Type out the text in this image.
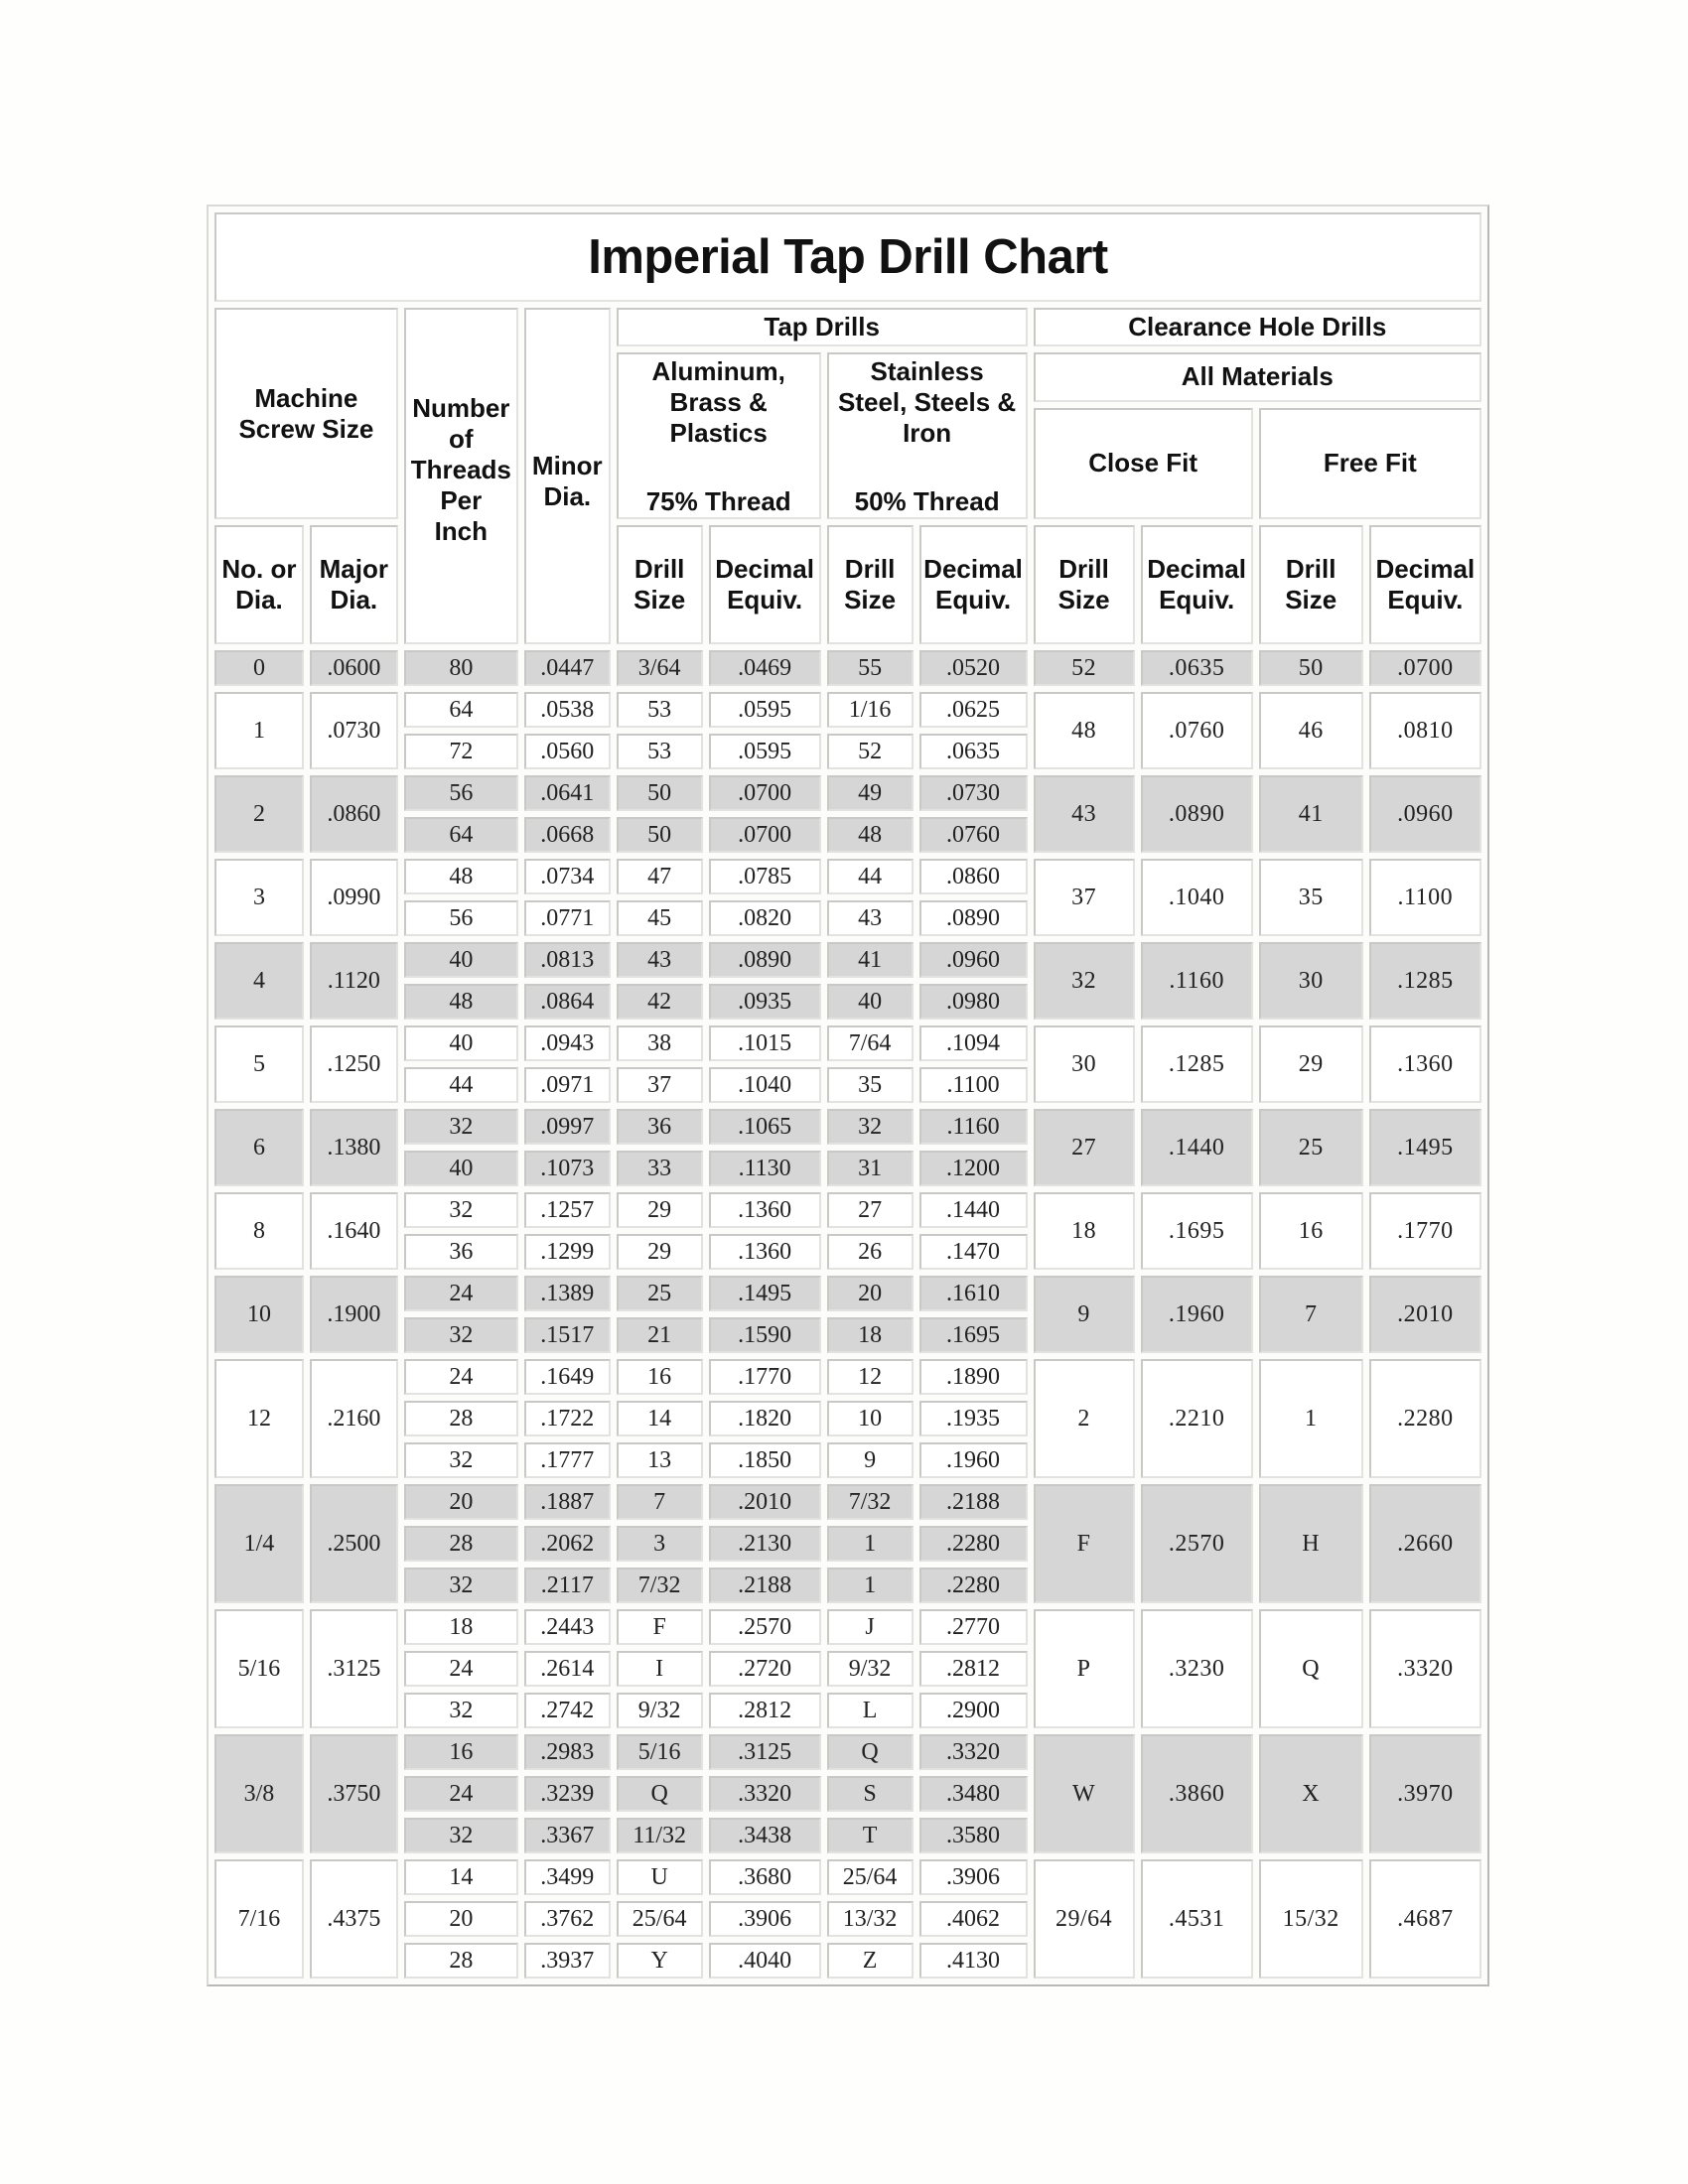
Imperial Tap Drill Chart											
Machine Screw Size		Number
of
Threads
Per
Inch	Minor
Dia.	Tap Drills				Clearance Hole Drills			
				Aluminum,
Brass &
Plastics
75% Thread		Stainless
Steel, Steels &
Iron
50% Thread		All Materials			
								Close Fit		Free Fit	
No. or
Dia.	Major
Dia.			Drill
Size	Decimal
Equiv.	Drill
Size	Decimal
Equiv.	Drill
Size	Decimal
Equiv.	Drill
Size	Decimal
Equiv.
0	.0600	80	.0447	3/64	.0469	55	.0520	52	.0635	50	.0700
1	.0730	64	.0538	53	.0595	1/16	.0625	48	.0760	46	.0810
		72	.0560	53	.0595	52	.0635				
2	.0860	56	.0641	50	.0700	49	.0730	43	.0890	41	.0960
		64	.0668	50	.0700	48	.0760				
3	.0990	48	.0734	47	.0785	44	.0860	37	.1040	35	.1100
		56	.0771	45	.0820	43	.0890				
4	.1120	40	.0813	43	.0890	41	.0960	32	.1160	30	.1285
		48	.0864	42	.0935	40	.0980				
5	.1250	40	.0943	38	.1015	7/64	.1094	30	.1285	29	.1360
		44	.0971	37	.1040	35	.1100				
6	.1380	32	.0997	36	.1065	32	.1160	27	.1440	25	.1495
		40	.1073	33	.1130	31	.1200				
8	.1640	32	.1257	29	.1360	27	.1440	18	.1695	16	.1770
		36	.1299	29	.1360	26	.1470				
10	.1900	24	.1389	25	.1495	20	.1610	9	.1960	7	.2010
		32	.1517	21	.1590	18	.1695				
12	.2160	24	.1649	16	.1770	12	.1890	2	.2210	1	.2280
		28	.1722	14	.1820	10	.1935				
		32	.1777	13	.1850	9	.1960				
1/4	.2500	20	.1887	7	.2010	7/32	.2188	F	.2570	H	.2660
		28	.2062	3	.2130	1	.2280				
		32	.2117	7/32	.2188	1	.2280				
5/16	.3125	18	.2443	F	.2570	J	.2770	P	.3230	Q	.3320
		24	.2614	I	.2720	9/32	.2812				
		32	.2742	9/32	.2812	L	.2900				
3/8	.3750	16	.2983	5/16	.3125	Q	.3320	W	.3860	X	.3970
		24	.3239	Q	.3320	S	.3480				
		32	.3367	11/32	.3438	T	.3580				
7/16	.4375	14	.3499	U	.3680	25/64	.3906	29/64	.4531	15/32	.4687
		20	.3762	25/64	.3906	13/32	.4062				
		28	.3937	Y	.4040	Z	.4130				
